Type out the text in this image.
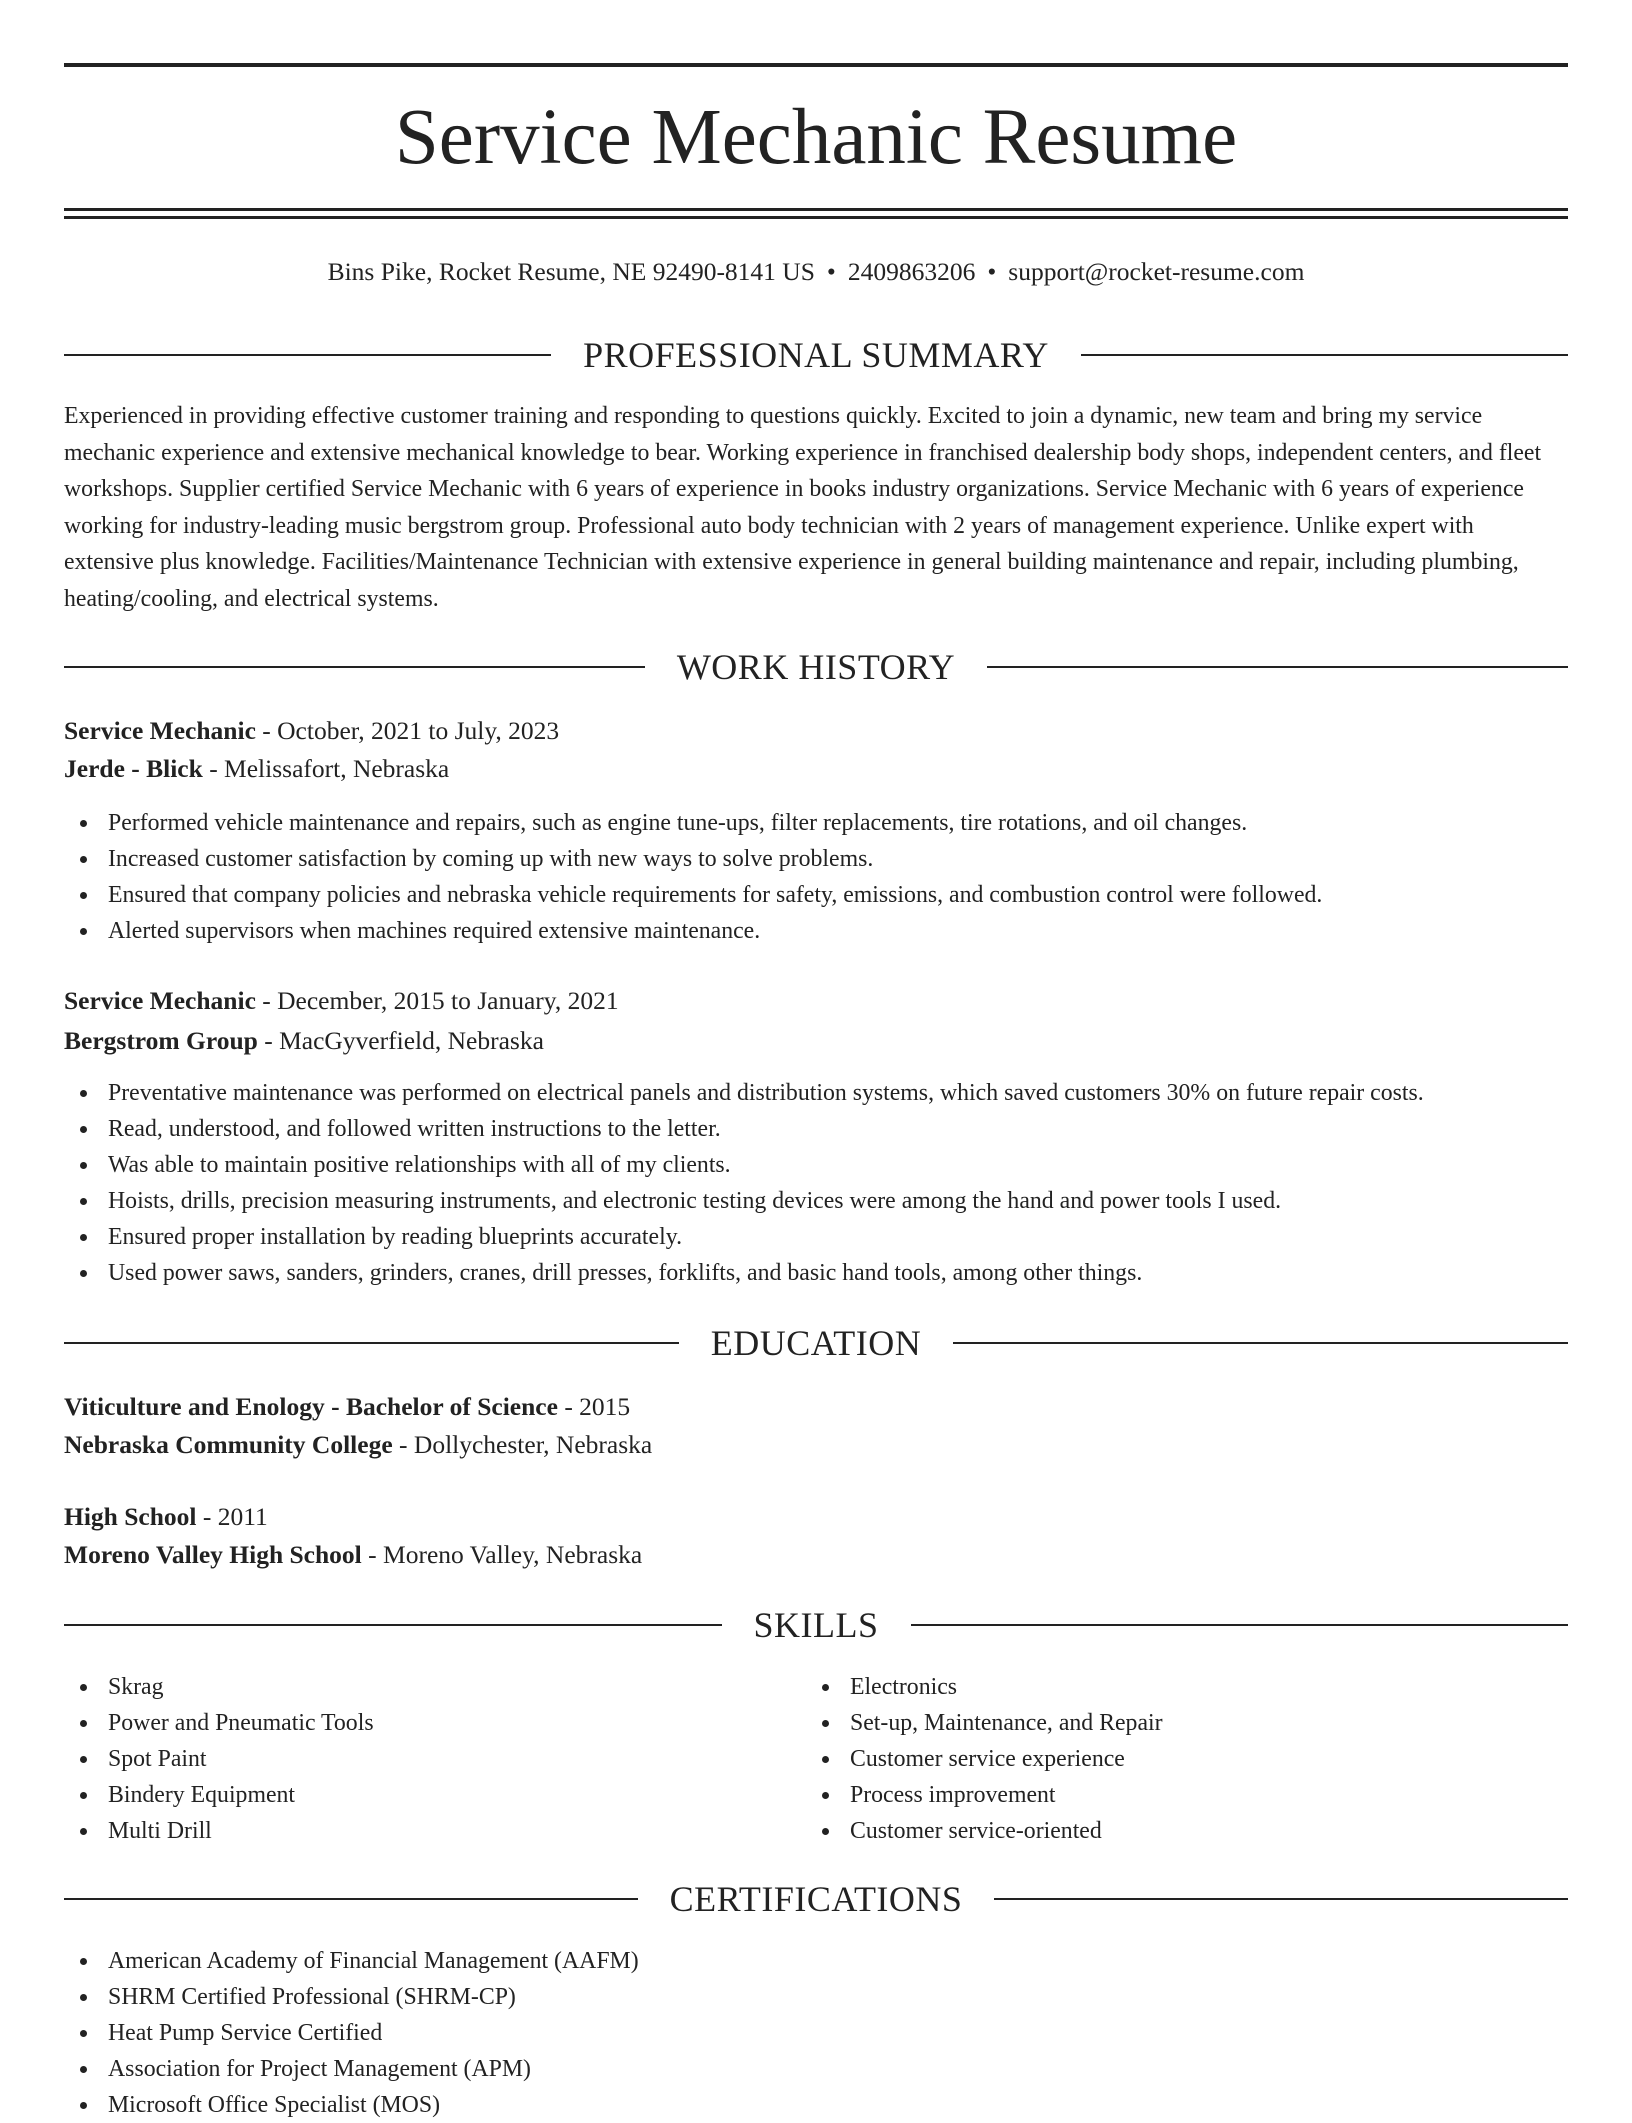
Service Mechanic Resume
Bins Pike, Rocket Resume, NE 92490-8141 US • 2409863206 • support@rocket-resume.com
PROFESSIONAL SUMMARY

Experienced in providing effective customer training and responding to questions quickly. Excited to join a dynamic, new team and bring my service mechanic experience and extensive mechanical knowledge to bear. Working experience in franchised dealership body shops, independent centers, and fleet workshops. Supplier certified Service Mechanic with 6 years of experience in books industry organizations. Service Mechanic with 6 years of experience working for industry-leading music bergstrom group. Professional auto body technician with 2 years of management experience. Unlike expert with extensive plus knowledge. Facilities/Maintenance Technician with extensive experience in general building maintenance and repair, including plumbing, heating/cooling, and electrical systems.

WORK HISTORY
Service Mechanic - October, 2021 to July, 2023
Jerde - Blick - Melissafort, Nebraska
Performed vehicle maintenance and repairs, such as engine tune-ups, filter replacements, tire rotations, and oil changes.
Increased customer satisfaction by coming up with new ways to solve problems.
Ensured that company policies and nebraska vehicle requirements for safety, emissions, and combustion control were followed.
Alerted supervisors when machines required extensive maintenance.
Service Mechanic - December, 2015 to January, 2021
Bergstrom Group - MacGyverfield, Nebraska
Preventative maintenance was performed on electrical panels and distribution systems, which saved customers 30% on future repair costs.
Read, understood, and followed written instructions to the letter.
Was able to maintain positive relationships with all of my clients.
Hoists, drills, precision measuring instruments, and electronic testing devices were among the hand and power tools I used.
Ensured proper installation by reading blueprints accurately.
Used power saws, sanders, grinders, cranes, drill presses, forklifts, and basic hand tools, among other things.
EDUCATION
Viticulture and Enology - Bachelor of Science - 2015
Nebraska Community College - Dollychester, Nebraska
High School - 2011
Moreno Valley High School - Moreno Valley, Nebraska
SKILLS
Skrag
Power and Pneumatic Tools
Spot Paint
Bindery Equipment
Multi Drill
Electronics
Set-up, Maintenance, and Repair
Customer service experience
Process improvement
Customer service-oriented
CERTIFICATIONS
American Academy of Financial Management (AAFM)
SHRM Certified Professional (SHRM-CP)
Heat Pump Service Certified
Association for Project Management (APM)
Microsoft Office Specialist (MOS)
